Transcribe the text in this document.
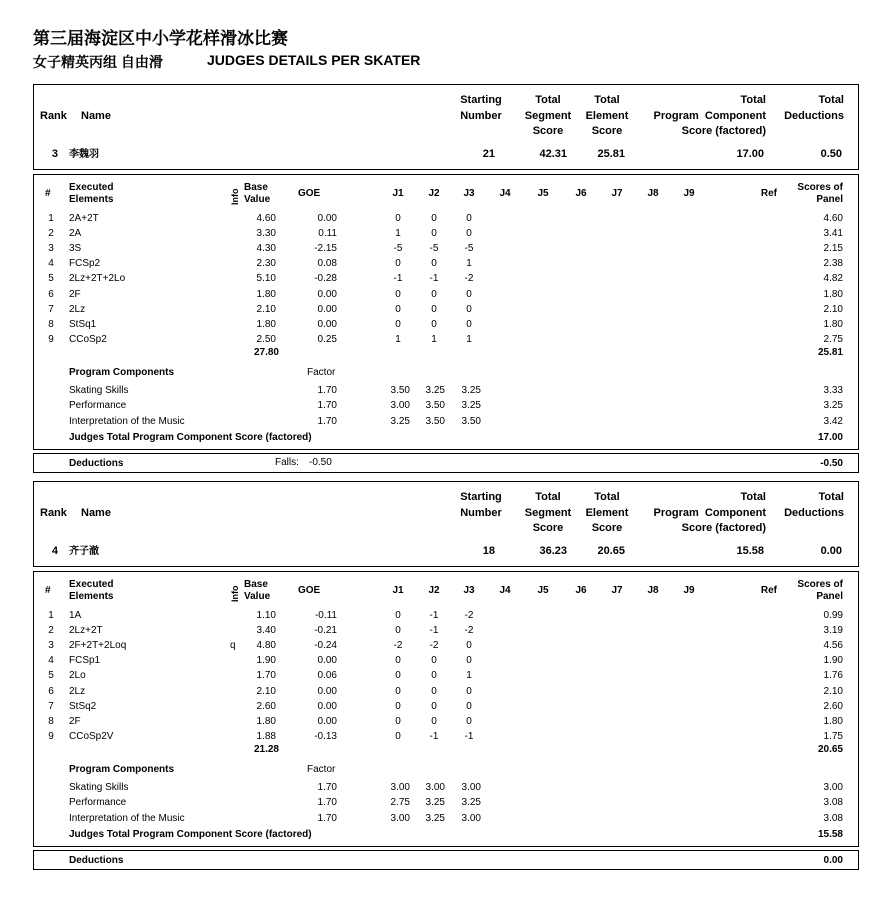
第三届海淀区中小学花样滑冰比赛
女子精英丙组 自由滑	JUDGES DETAILS PER SKATER
Rank Name
Starting
Number
Total
Segment
Score
Total
Element
Score
Total
Program  Component
Score (factored)
Total
Deductions
3 李魏羽	21	42.31	25.81	17.00	0.50
#
Executed
Elements	Info
Base
Value
GOE	J1	J2	J3	J4	J5	J6	J7	J8	J9	Ref
Scores of
Panel
1	2A+2T	4.60	0.00	0	0	0	4.60
2	2A	3.30	0.11	1	0	0	3.41
3	3S	4.30	-2.15	-5	-5	-5	2.15
4	FCSp2	2.30	0.08	0	0	1	2.38
5	2Lz+2T+2Lo	5.10	-0.28	-1	-1	-2	4.82
6	2F	1.80	0.00	0	0	0	1.80
7	2Lz	2.10	0.00	0	0	0	2.10
8	StSq1	1.80	0.00	0	0	0	1.80
9	CCoSp2	2.50	0.25	1	1	1	2.75
27.80	25.81
Program Components	Factor
Skating Skills	1.70	3.50 3.25 3.25	3.33
Performance	1.70	3.00 3.50 3.25	3.25
Interpretation of the Music	1.70	3.25 3.50 3.50	3.42
Judges Total Program Component Score (factored)	17.00
Deductions	Falls: -0.50	-0.50
Rank Name
Starting
Number
Total
Segment
Score
Total
Element
Score
Total
Program  Component
Score (factored)
Total
Deductions
4 齐子澈	18	36.23	20.65	15.58	0.00
#
Executed
Elements	Info
Base
Value
GOE	J1	J2	J3	J4	J5	J6	J7	J8	J9	Ref
Scores of
Panel
1	1A	1.10	-0.11	0	-1	-2	0.99
2	2Lz+2T	3.40	-0.21	0	-1	-2	3.19
3	2F+2T+2Loq	q 4.80	-0.24	-2	-2	0	4.56
4	FCSp1	1.90	0.00	0	0	0	1.90
5	2Lo	1.70	0.06	0	0	1	1.76
6	2Lz	2.10	0.00	0	0	0	2.10
7	StSq2	2.60	0.00	0	0	0	2.60
8	2F	1.80	0.00	0	0	0	1.80
9	CCoSp2V	1.88	-0.13	0	-1	-1	1.75
21.28	20.65
Program Components	Factor
Skating Skills	1.70	3.00 3.00 3.00	3.00
Performance	1.70	2.75 3.25 3.25	3.08
Interpretation of the Music	1.70	3.00 3.25 3.00	3.08
Judges Total Program Component Score (factored)	15.58
Deductions	0.00
